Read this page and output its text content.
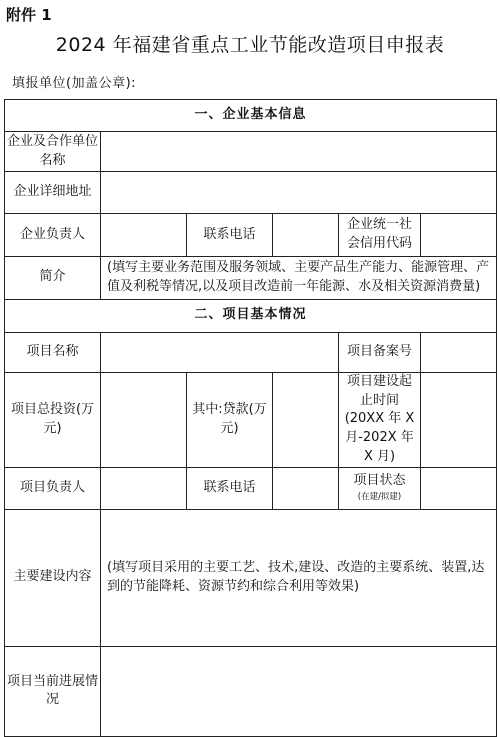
附件 1
2024 年福建省重点工业节能改造项目申报表
填报单位(加盖公章):
一、企业基本信息					
企业及合作单位名称					
企业详细地址					
企业负责人		联系电话		企业统一社会信用代码	
简介	(填写主要业务范围及服务领域、主要产品生产能力、能源管理、产值及利税等情况,以及项目改造前一年能源、水及相关资源消费量)				
二、项目基本情况					
项目名称				项目备案号	
项目总投资(万元)		其中:贷款(万元)		项目建设起止时间(20XX 年 X 月-202X 年 X 月)	
项目负责人		联系电话		项目状态
(在建/拟建)	

主要建设内容	(填写项目采用的主要工艺、技术,建设、改造的主要系统、装置,达到的节能降耗、资源节约和综合利用等效果)				
项目当前进展情况					
